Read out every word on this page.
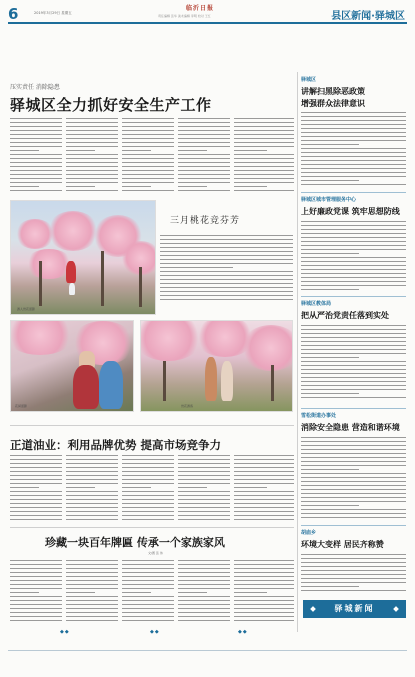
6	2019年3月29日 星期五
临沂日报
责任编辑 张华 美术编辑 李明 校对 王红	县区新闻·驿城区
压实责任 消除隐患
驿城区全力抓好安全生产工作
游人赏花留影
三月桃花竞芬芳
花间留影	赏花游客
正道油业：利用品牌优势 提高市场竞争力
珍藏一块百年牌匾 传承一个家族家风
文/图 张 伟
◆◆	◆◆	◆◆
驿城区
讲解扫黑除恶政策
增强群众法律意识
驿城区城市管理服务中心
上好廉政党课 筑牢思想防线
驿城区教体局
把从严治党责任落到实处
雪松街道办事处
消除安全隐患 营造和谐环境
胡庙乡
环境大变样 居民齐称赞
驿城新闻
